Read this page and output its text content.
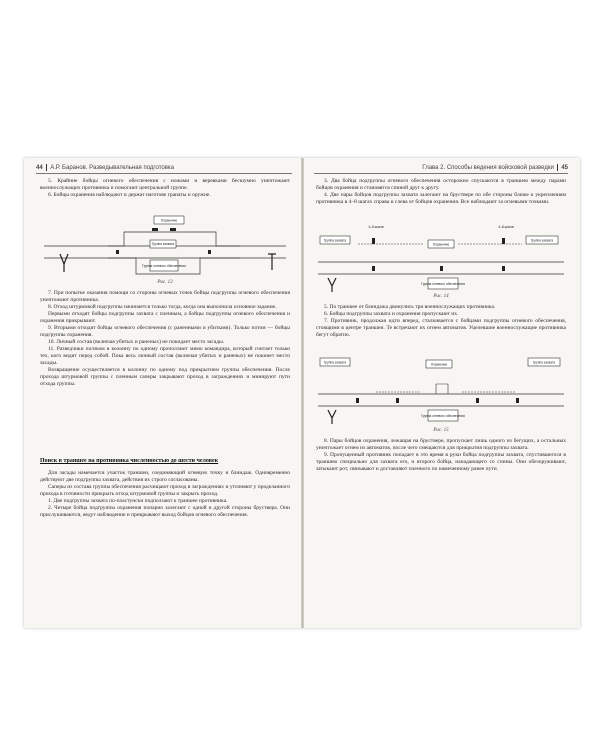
44 А.Р. Баранов. Разведывательная подготовка

5. Крайние бойцы огневого обеспечения с ножами и веревками бесшумно уничтожают военнослужащих противника и помогают центральной группе.

6. Бойцы охранения наблюдают и держат наготове гранаты и оружие.

Охранение
Группа захвата
Группа огневого обеспечения
Рис. 13

7. При попытке оказания помощи со стороны огневых точек бойцы подгруппы огневого обеспечения уничтожают противника.

8. Отход штурмовой подгруппы начинается только тогда, когда она выполнила основное задание.

Первыми отходят бойцы подгруппы захвата с пленным, а бойцы подгруппы огневого обеспечения и охранения прикрывают.

9. Вторыми отходят бойцы огневого обеспечения (с раненными и убитыми). Только потом — бойцы подгруппы охранения.

10. Личный состав (включая убитых и раненых) не покидает место засады.

11. Разведчики ползком в колонну по одному проползают мимо командира, который считает только тех, кого видит перед собой. Пока весь личный состав (включая убитых и раненых) не покинет место засады.

Возвращение осуществляется в колонну по одному под прикрытием группы обеспечения. После прохода штурмовой группы с пленным саперы закрывают проход в заграждениях и минируют пути отхода группы.

Поиск в траншее на противника численностью до шести человек

Для засады намечается участок траншеи, соединяющий огневую точку и блиндаж. Одновременно действуют две подгруппы захвата, действия их строго согласованы.

Саперы из состава группы обеспечения расчищают проход в заграждениях и уточняют у проделанного прохода в готовности прикрыть отход штурмовой группы и закрыть проход.

1. Две подгруппы захвата по-пластунски подползают к траншее противника.

2. Четыре бойца подгруппы охранения попарно залегают с одной и другой стороны бруствера. Они прислушиваются, ведут наблюдение и прикрывают выход бойцов огневого обеспечения.

Глава 2. Способы ведения войсковой разведки 45

3. Два бойца подгруппы огневого обеспечения осторожно спускаются в траншею между парами бойцов охранения и становятся спиной друг к другу.

4. Две пары бойцов подгруппы захвата залегают на бруствере по обе стороны ближе к укреплениям противника в 4–8 шагах справа и слева от бойцов охранения. Все наблюдают за огневыми точками.

Группа захвата	Группа захвата
Охранение
Группа огневого обеспечения
4–8 шагов	4–8 шагов
Рис. 14

5. По траншее от блиндажа двинулись три военнослужащих противника.

6. Бойцы подгруппы захвата и охранения пропускают их.

7. Противник, продолжая идти вперед, сталкивается с бойцами подгруппы огневого обеспечения, стоящими в центре траншеи. Те встречают их огнем автоматов. Уцелевшие военнослужащие противника бегут обратно.

Группа захвата	Группа захвата
Охранение
Группа огневого обеспечения
Рис. 15

8. Пары бойцов охранения, лежащая на бруствере, пропускает лишь одного из бегущих, а остальных уничтожает огнем из автоматов, после чего смещаются для прикрытия подгруппы захвата.

9. Пропущенный противник попадает в это время в руки бойца подгруппы захвата, спустившегося в траншею специально для захвата его, и второго бойца, нападающего со спины. Они обезоруживают, затыкают рот, связывают и доставляют пленного по намеченному ранее пути.
